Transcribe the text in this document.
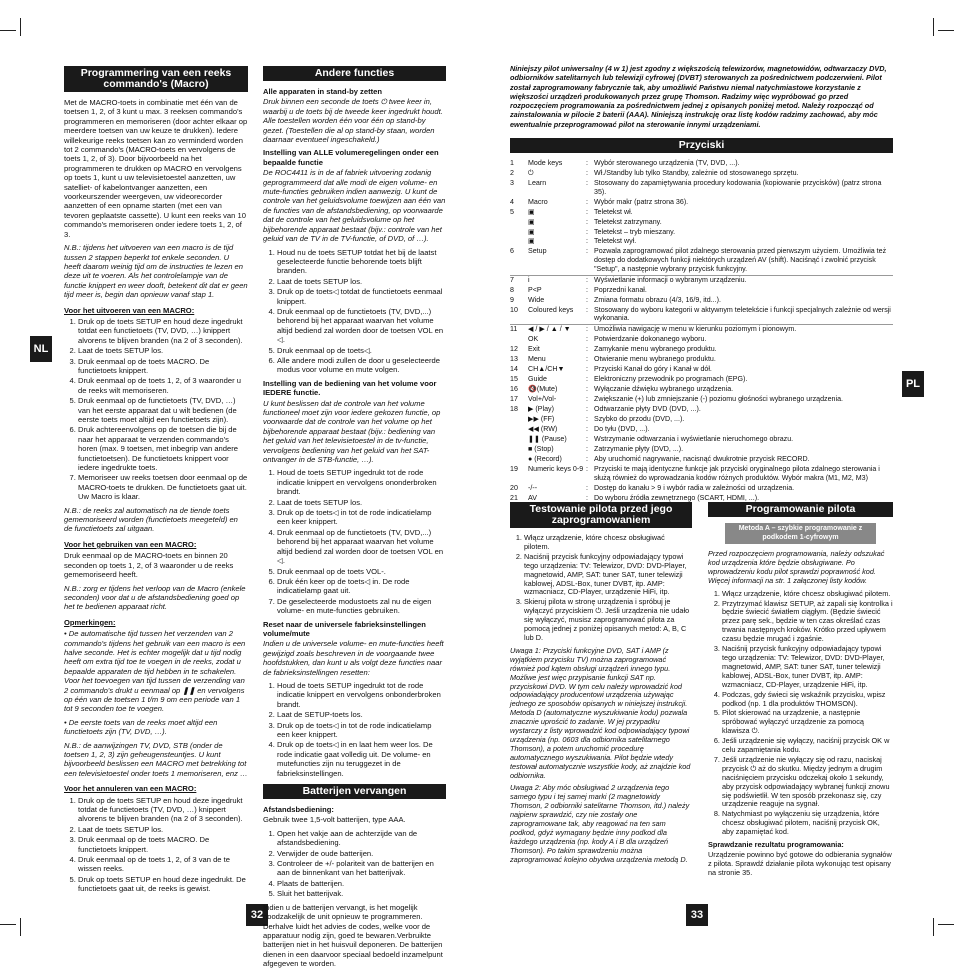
NL
PL
32	33
Programmering van een reeks commando's (Macro)

Met de MACRO-toets in combinatie met één van de toetsen 1, 2, of 3 kunt u max. 3 reeksen commando's programmeren en memoriseren (door achter elkaar op meerdere toetsen van uw keuze te drukken). Iedere willekeurige reeks toetsen kan zo verminderd worden tot 2 commando's (MACRO-toets en vervolgens de toets 1, 2, of 3). Door bijvoorbeeld na het programmeren te drukken op MACRO en vervolgens op toets 1, kunt u uw televisietoestel aanzetten, uw satelliet- of kabelontvanger aanzetten, een voorkeurszender weergeven, uw videorecorder aanzetten of een opname starten (met een van tevoren geplaatste cassette). U kunt een reeks van 10 commando's memoriseren onder iedere toets 1, 2, of 3.

N.B.: tijdens het uitvoeren van een macro is de tijd tussen 2 stappen beperkt tot enkele seconden. U heeft daarom weinig tijd om de instructies te lezen en deze uit te voeren. Als het controlelampje van de functie knippert en weer dooft, betekent dit dat er geen tijd meer is, begin dan opnieuw vanaf stap 1.

Voor het uitvoeren van een MACRO:
1. Druk op de toets SETUP en houd deze ingedrukt totdat een functietoets (TV, DVD, …) knippert alvorens te blijven branden (na 2 of 3 seconden).
2. Laat de toets SETUP los.
3. Druk eenmaal op de toets MACRO. De functietoets knippert.
4. Druk eenmaal op de toets 1, 2, of 3 waaronder u de reeks wilt memoriseren.
5. Druk eenmaal op de functietoets (TV, DVD, …) van het eerste apparaat dat u wilt bedienen (de eerste toets moet altijd een functietoets zijn).
6. Druk achtereenvolgens op de toetsen die bij de naar het apparaat te verzenden commando's horen (max. 9 toetsen, met inbegrip van andere functietoetsen). De functietoets knippert voor iedere ingedrukte toets.
7. Memoriseer uw reeks toetsen door eenmaal op de MACRO-toets te drukken. De functietoets gaat uit. Uw Macro is klaar.

N.B.: de reeks zal automatisch na de tiende toets gememoriseerd worden (functietoets meegeteld) en de functietoets zal uitgaan.

Voor het gebruiken van een MACRO:

Druk eenmaal op de MACRO-toets en binnen 20 seconden op toets 1, 2, of 3 waaronder u de reeks gememoriseerd heeft.

N.B.: zorg er tijdens het verloop van de Macro (enkele seconden) voor dat u de afstandsbediening goed op het te bedienen apparaat richt.

Opmerkingen:

• De automatische tijd tussen het verzenden van 2 commando's tijdens het gebruik van een macro is een halve seconde. Het is echter mogelijk dat u tijd nodig heeft om extra tijd toe te voegen in de reeks, zodat u bepaalde apparaten de tijd hebben in te schakelen. Voor het toevoegen van tijd tussen de verzending van 2 commando's drukt u eenmaal op ❚❚ en vervolgens op één van de toetsen 1 t/m 9 om een periode van 1 tot 9 seconden toe te voegen.

• De eerste toets van de reeks moet altijd een functietoets zijn (TV, DVD, …).

N.B.: de aanwijzingen TV, DVD, STB (onder de toetsen 1, 2, 3) zijn geheugensteuntjes. U kunt bijvoorbeeld beslissen een MACRO met betrekking tot een televisietoestel onder toets 1 memoriseren, enz …

Voor het annuleren van een MACRO:
1. Druk op de toets SETUP en houd deze ingedrukt totdat de functietoets (TV, DVD, …) knippert alvorens te blijven branden (na 2 of 3 seconden).
2. Laat de toets SETUP los.
3. Druk eenmaal op de toets MACRO. De functietoets knippert.
4. Druk eenmaal op de toets 1, 2, of 3 van de te wissen reeks.
5. Druk op toets SETUP en houd deze ingedrukt. De functietoets gaat uit, de reeks is gewist.
Andere functies
Alle apparaten in stand-by zetten

Druk binnen een seconde de toets ⏻ twee keer in, waarbij u de toets bij de tweede keer ingedrukt houdt. Alle toestellen worden één voor één op stand-by gezet. (Toestellen die al op stand-by staan, worden daarnaar eventueel ingeschakeld.)

Instelling van ALLE volumeregelingen onder een bepaalde functie

De ROC4411 is in de af fabriek uitvoering zodanig geprogrammeerd dat alle modi de eigen volume- en mute-functies gebruiken indien aanwezig. U kunt de controle van het geluidsvolume toewijzen aan één van de functies van de afstandsbediening, op voorwaarde dat de controle van het geluidsvolume op het bijbehorende apparaat bestaat (bijv.: controle van het geluid van de TV in de TV-functie, of DVD, of …).

1. Houd nu de toets SETUP totdat het bij de laatst geselecteerde functie behorende toets blijft branden.
2. Laat de toets SETUP los.
3. Druk op de toets◁ totdat de functietoets eenmaal knippert.
4. Druk eenmaal op de functietoets (TV, DVD,...) behorend bij het apparaat waarvan het volume altijd bediend zal worden door de toetsen VOL en ◁.
5. Druk eenmaal op de toets◁.
6. Alle andere modi zullen de door u geselecteerde modus voor volume en mute volgen.
Instelling van de bediening van het volume voor IEDERE functie.

U kunt beslissen dat de controle van het volume functioneel moet zijn voor iedere gekozen functie, op voorwaarde dat de controle van het volume op het bijbehorende apparaat bestaat (bijv.: bediening van het geluid van het televisietoestel in de tv-functie, vervolgens bediening van het geluid van het SAT-ontvanger in de STB-functie, …).

1. Houd de toets SETUP ingedrukt tot de rode indicatie knippert en vervolgens ononderbroken brandt.
2. Laat de toets SETUP los.
3. Druk op de toets◁ in tot de rode indicatielamp een keer knippert.
4. Druk eenmaal op de functietoets (TV, DVD,...) behorend bij het apparaat waarvan het volume altijd bediend zal worden door de toetsen VOL en ◁.
5. Druk eenmaal op de toets VOL-.
6. Druk één keer op de toets◁ in. De rode indicatielamp gaat uit.
7. De geselecteerde modustoets zal nu de eigen volume- en mute-functies gebruiken.
Reset naar de universele fabrieksinstellingen volume/mute

Indien u de universele volume- en mute-functies heeft gewijzigd zoals beschreven in de voorgaande twee hoofdstukken, dan kunt u als volgt deze functies naar de fabrieksinstellingen resetten:

1. Houd de toets SETUP ingedrukt tot de rode indicatie knippert en vervolgens onbonderbroken brandt.
2. Laat de SETUP-toets los.
3. Druk op de toets◁ in tot de rode indicatielamp een keer knippert.
4. Druk op de toets◁ in en laat hem weer los. De rode indicatie gaat volledig uit. De volume- en mutefuncties zijn nu teruggezet in de fabrieksinstellingen.
Batterijen vervangen
Afstandsbediening:

Gebruik twee 1,5-volt batterijen, type AAA.

1. Open het vakje aan de achterzijde van de afstandsbediening.
2. Verwijder de oude batterijen.
3. Controleer de +/- polariteit van de batterijen en aan de binnenkant van het batterijvak.
4. Plaats de batterijen.
5. Sluit het batterijvak.

Indien u de batterijen vervangt, is het mogelijk noodzakelijk de unit opnieuw te programmeren. Derhalve luidt het advies de codes, welke voor de apparatuur nodig zijn, goed te bewaren.Verbruikte batterijen niet in het huisvuil deponeren. De batterijen dienen in een daarvoor speciaal bedoeld inzamelpunt afgegeven te worden.

Niniejszy pilot uniwersalny (4 w 1) jest zgodny z większością telewizorów, magnetowidów, odtwarzaczy DVD, odbiorników satelitarnych lub telewizji cyfrowej (DVBT) sterowanych za pośrednictwem podczerwieni. Pilot został zaprogramowany fabrycznie tak, aby umożliwić Państwu niemal natychmiastowe korzystanie z większości urządzeń produkowanych przez grupę Thomson. Radzimy więc wypróbować go przed rozpoczęciem programowania za pośrednictwem jednej z opisanych poniżej metod. Należy rozpocząć od zainstalowania w pilocie 2 baterii (AAA). Niniejszą instrukcję oraz listę kodów radzimy zachować, aby móc ewentualnie przeprogramować pilot na sterowanie innymi urządzeniami.
Przyciski
1	Mode keys	:	Wybór sterowanego urządzenia (TV, DVD, ...).
2	⏻	:	Wł./Standby lub tylko Standby, zależnie od stosowanego sprzętu.
3	Learn	:	Stosowany do zapamiętywania procedury kodowania (kopiowanie przycisków) (patrz strona 35).
4	Macro	:	Wybór makr (patrz strona 36).
5	▣	:	Teletekst wł.
	▣	:	Teletekst zatrzymany.
	▣	:	Teletekst – tryb mieszany.
	▣	:	Teletekst wył.
6	Setup	:	Pozwala zaprogramować pilot zdalnego sterowania przed pierwszym użyciem. Umożliwia też dostęp do dodatkowych funkcji niektórych urządzeń AV (shift). Naciśnąć i zwolnić przycisk "Setup", a następnie wybrany przycisk funkcyjny.
7	i	:	Wyświetlanie informacji o wybranym urządzeniu.
8	P<P	:	Poprzedni kanał.
9	Wide	:	Zmiana formatu obrazu (4/3, 16/9, itd...).
10	Coloured keys	:	Stosowany do wyboru kategorii w aktywnym teletekście i funkcji specjalnych zależnie od wersji wykonania.
11	◀ / ▶ / ▲ / ▼	:	Umożliwia nawigację w menu w kierunku poziomym i pionowym.
	OK	:	Potwierdzanie dokonanego wyboru.
12	Exit	:	Zamykanie menu wybranego produktu.
13	Menu	:	Otwieranie menu wybranego produktu.
14	CH▲/CH▼	:	Przyciski Kanał do góry i Kanał w dół.
15	Guide	:	Elektroniczny przewodnik po programach (EPG).
16	🔇(Mute)	:	Wyłączanie dźwięku wybranego urządzenia.
17	Vol+/Vol-	:	Zwiększanie (+) lub zmniejszanie (-) poziomu głośności wybranego urządzenia.
18	▶ (Play)	:	Odtwarzanie płyty DVD (DVD, ...).
	▶▶ (FF)	:	Szybko do przodu (DVD, ...).
	◀◀ (RW)	:	Do tyłu (DVD, ...).
	❚❚ (Pause)	:	Wstrzymanie odtwarzania i wyświetlanie nieruchomego obrazu.
	■ (Stop)	:	Zatrzymanie płyty (DVD, ...).
	● (Record)	:	Aby uruchomić nagrywanie, nacisnąć dwukrotnie przycisk RECORD.
19	Numeric keys 0-9	:	Przyciski te mają identyczne funkcje jak przyciski oryginalnego pilota zdalnego sterowania i służą również do wprowadzania kodów różnych produktów. Wybór makra (M1, M2, M3)
20	-/--	:	Dostęp do kanału > 9 i wybór radia w zależności od urządzenia.
21	AV	:	Do wyboru źródła zewnętrznego (SCART, HDMI, ...).
Testowanie pilota przed jego zaprogramowaniem
1. Włącz urządzenie, które chcesz obsługiwać pilotem.
2. Naciśnij przycisk funkcyjny odpowiadający typowi tego urządzenia: TV: Telewizor, DVD: DVD-Player, magnetowid, AMP, SAT: tuner SAT, tuner telewizji kablowej, ADSL-Box, tuner DVBT, itp. AMP: wzmacniacz, CD-Player, urządzenie HiFi, itp.
3. Skieruj pilota w stronę urządzenia i spróbuj je wyłączyć przyciskiem ⏻. Jeśli urządzenia nie udało się wyłączyć, musisz zaprogramować pilota za pomocą jednej z poniżej opisanych metod: A, B, C lub D.

Uwaga 1: Przyciski funkcyjne DVD, SAT i AMP (z wyjątkiem przycisku TV) można zaprogramować również pod kątem obsługi urządzeń innego typu. Możliwe jest więc przypisanie funkcji SAT np. przyciskowi DVD. W tym celu należy wprowadzić kod odpowiadający producentowi urządzenia używając jednego ze sposobów opisanych w niniejszej instrukcji. Metoda D (automatyczne wyszukiwanie kodu) pozwala znacznie uprościć to zadanie. W jej przypadku wystarczy z listy wprowadzić kod odpowiadający typowi urządzenia (np. 0603 dla odbiornika satelitarnego Thomson), a potem uruchomić procedurę automatycznego wyszukiwania. Pilot będzie wtedy testował automatycznie wszystkie kody, aż znajdzie kod odbiornika.

Uwaga 2: Aby móc obsługiwać 2 urządzenia tego samego typu i tej samej marki (2 magnetowidy Thomson, 2 odbiorniki satelitarne Thomson, itd.) należy najpierw sprawdzić, czy nie zostały one zaprogramowane tak, aby reagować na ten sam podkod, gdyż wymagany będzie inny podkod dla każdego urządzenia (np. kody A i B dla urządzeń Thomson). Po takim sprawdzeniu można zaprogramować kolejno obydwa urządzenia metodą D.

Programowanie pilota
Metoda A – szybkie programowanie z podkodem 1-cyfrowym

Przed rozpoczęciem programowania, należy odszukać kod urządzenia które będzie obsługiwane. Po wprowadzeniu kodu pilot sprawdzi poprawność kod. Więcej informacji na str. 1 załączonej listy kodów.

1. Włącz urządzenie, które chcesz obsługiwać pilotem.
2. Przytrzymać klawisz SETUP, aż zapali się kontrolka i będzie świecić światłem ciągłym. (Będzie świecić przez parę sek., będzie w ten czas określać czas trwania następnych kroków. Krótko przed upływem czasu będzie mrugać i zgaśnie.
3. Naciśnij przycisk funkcyjny odpowiadający typowi tego urządzenia: TV: Telewizor, DVD: DVD-Player, magnetowid, AMP, SAT: tuner SAT, tuner telewizji kablowej, ADSL-Box, tuner DVBT, itp. AMP: wzmacniacz, CD-Player, urządzenie HiFi, itp.
4. Podczas, gdy świeci się wskaźnik przycisku, wpisz podkod (np. 1 dla produktów THOMSON).
5. Pilot skierować na urządzenie, a następnie spróbować wyłączyć urządzenie za pomocą klawisza ⏻.
6. Jeśli urządzenie się wyłączy, naciśnij przycisk OK w celu zapamiętania kodu.
7. Jeśli urządzenie nie wyłączy się od razu, naciskaj przycisk ⏻ aż do skutku. Między jednym a drugim naciśnięciem przycisku odczekaj około 1 sekundy, aby przycisk odpowiadający wybranej funkcji znowu się podświetlił. W ten sposób przekonasz się, czy urządzenie reaguje na sygnał.
8. Natychmiast po wyłączeniu się urządzenia, które chcesz obsługiwać pilotem, naciśnij przycisk OK, aby zapamiętać kod.
Sprawdzanie rezultatu programowania:

Urządzenie powinno być gotowe do odbierania sygnałów z pilota. Sprawdź działanie pilota wykonując test opisany na stronie 35.
